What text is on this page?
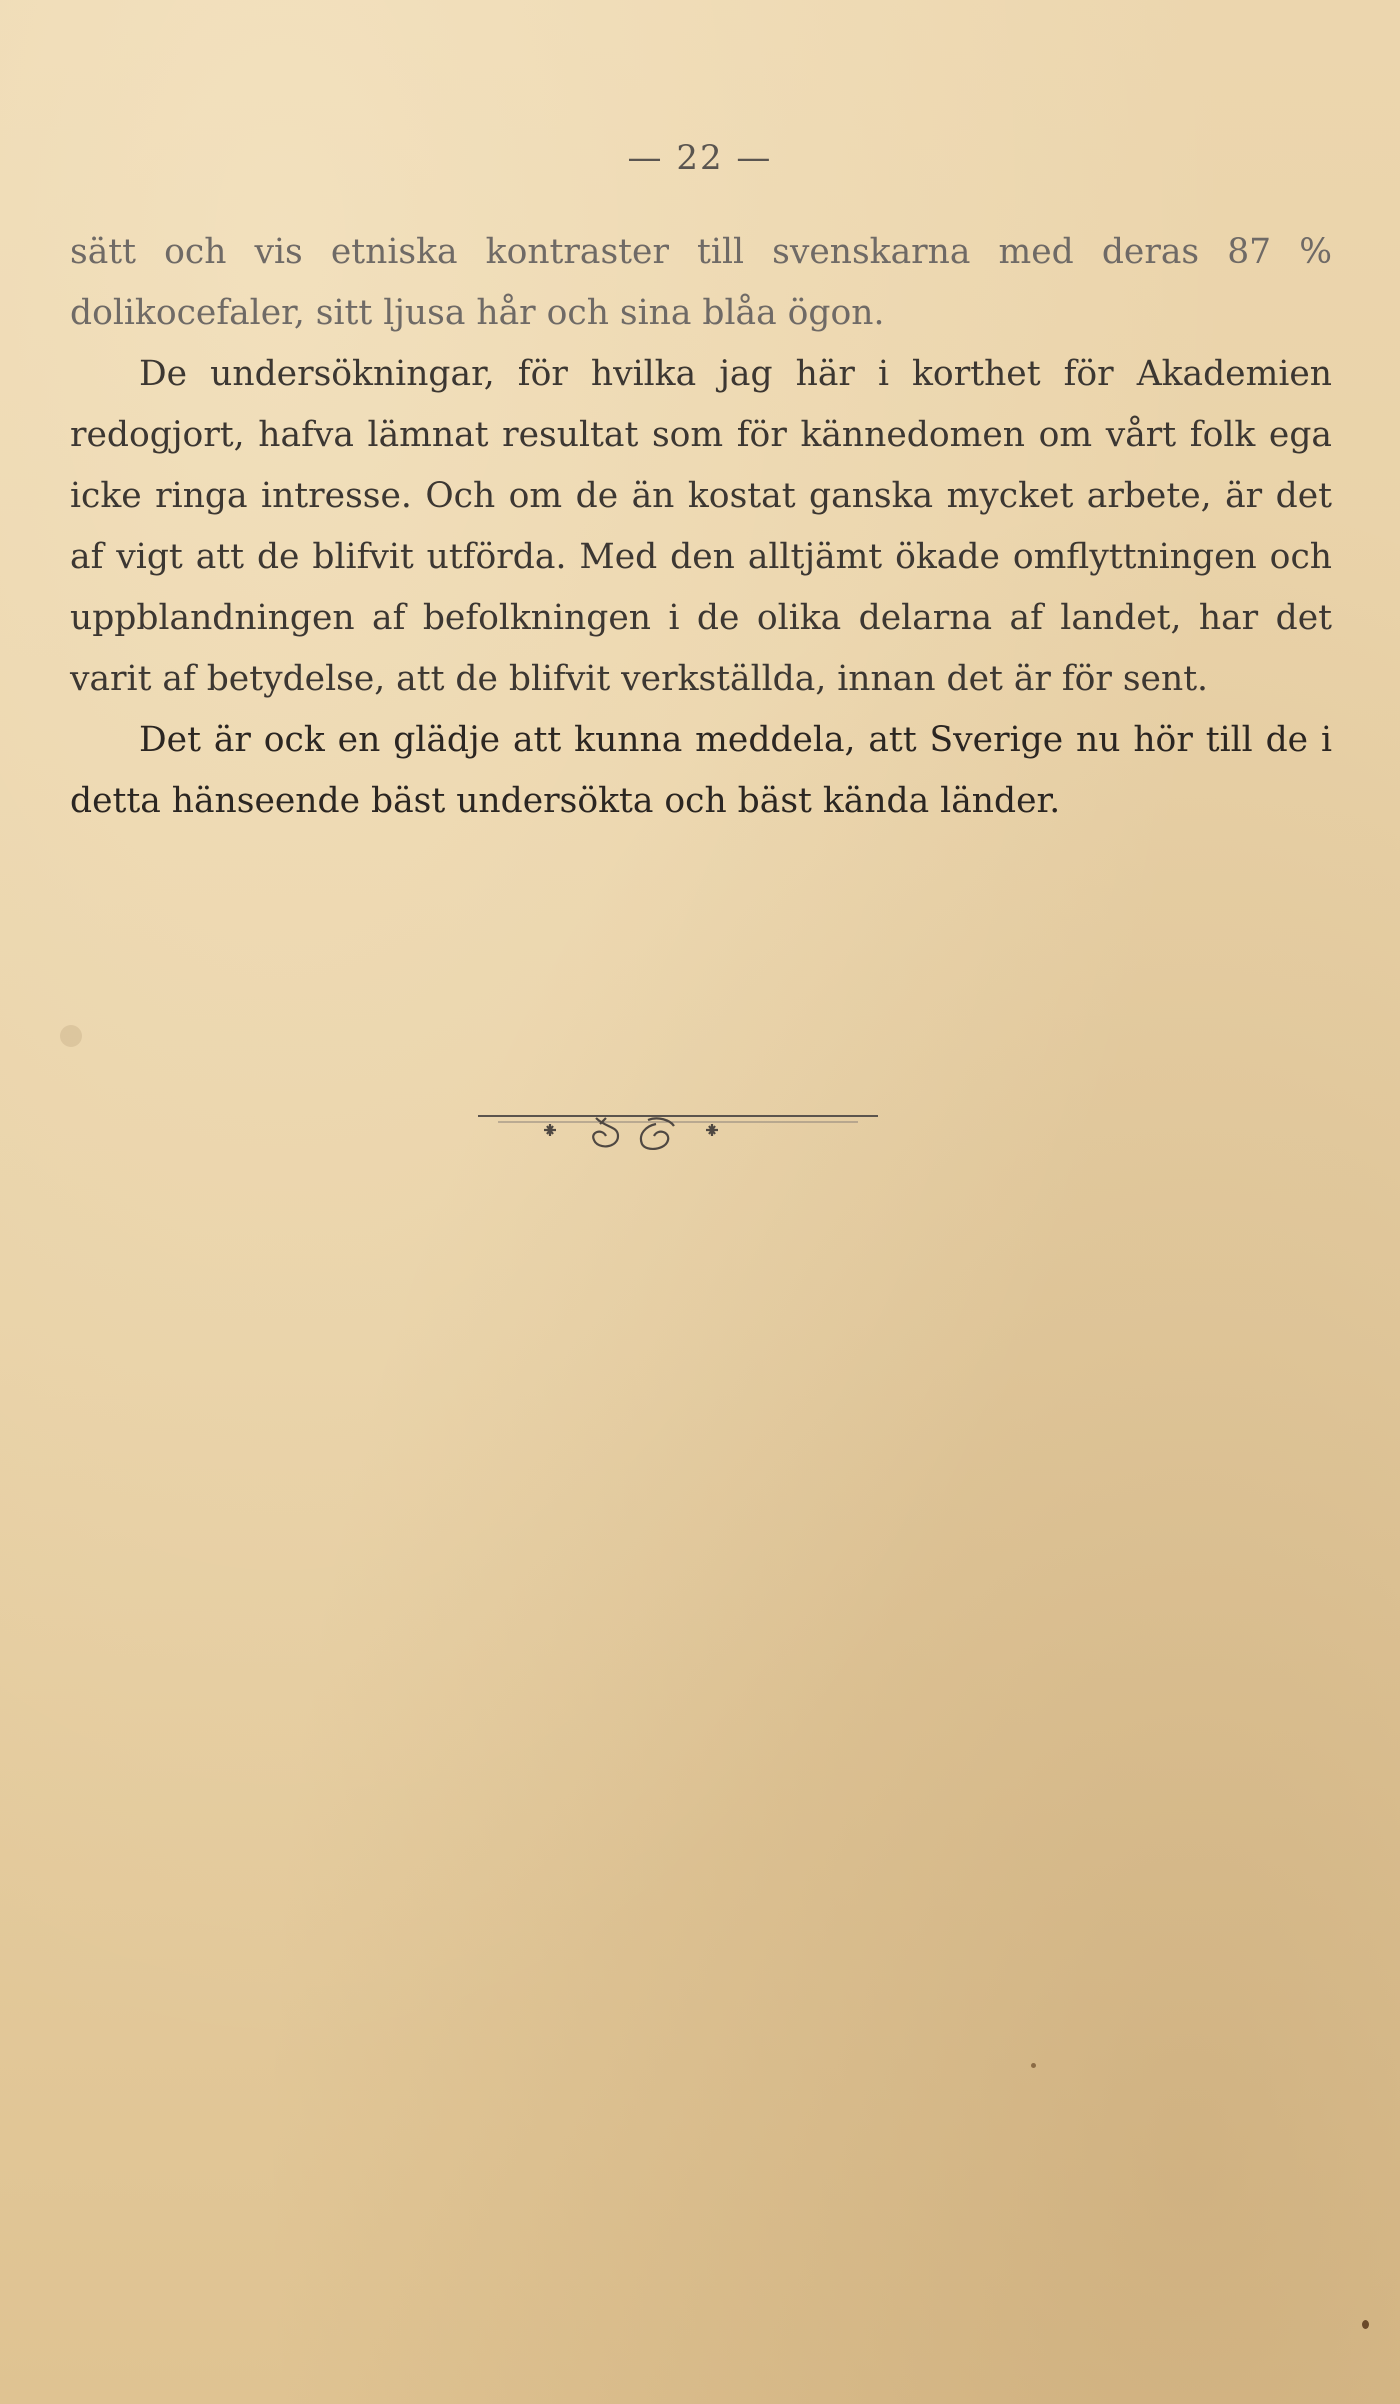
— 22 —

sätt och vis etniska kontraster till svenskarna med deras 87 % dolikocefaler, sitt ljusa hår och sina blåa ögon.

De undersökningar, för hvilka jag här i korthet för Akademien redogjort, hafva lämnat resultat som för kännedomen om vårt folk ega icke ringa intresse. Och om de än kostat ganska mycket arbete, är det af vigt att de blifvit utförda. Med den alltjämt ökade omflyttningen och uppblandningen af befolkningen i de olika delarna af landet, har det varit af betydelse, att de blifvit verkställda, innan det är för sent.

Det är ock en glädje att kunna meddela, att Sverige nu hör till de i detta hänseende bäst undersökta och bäst kända länder.
